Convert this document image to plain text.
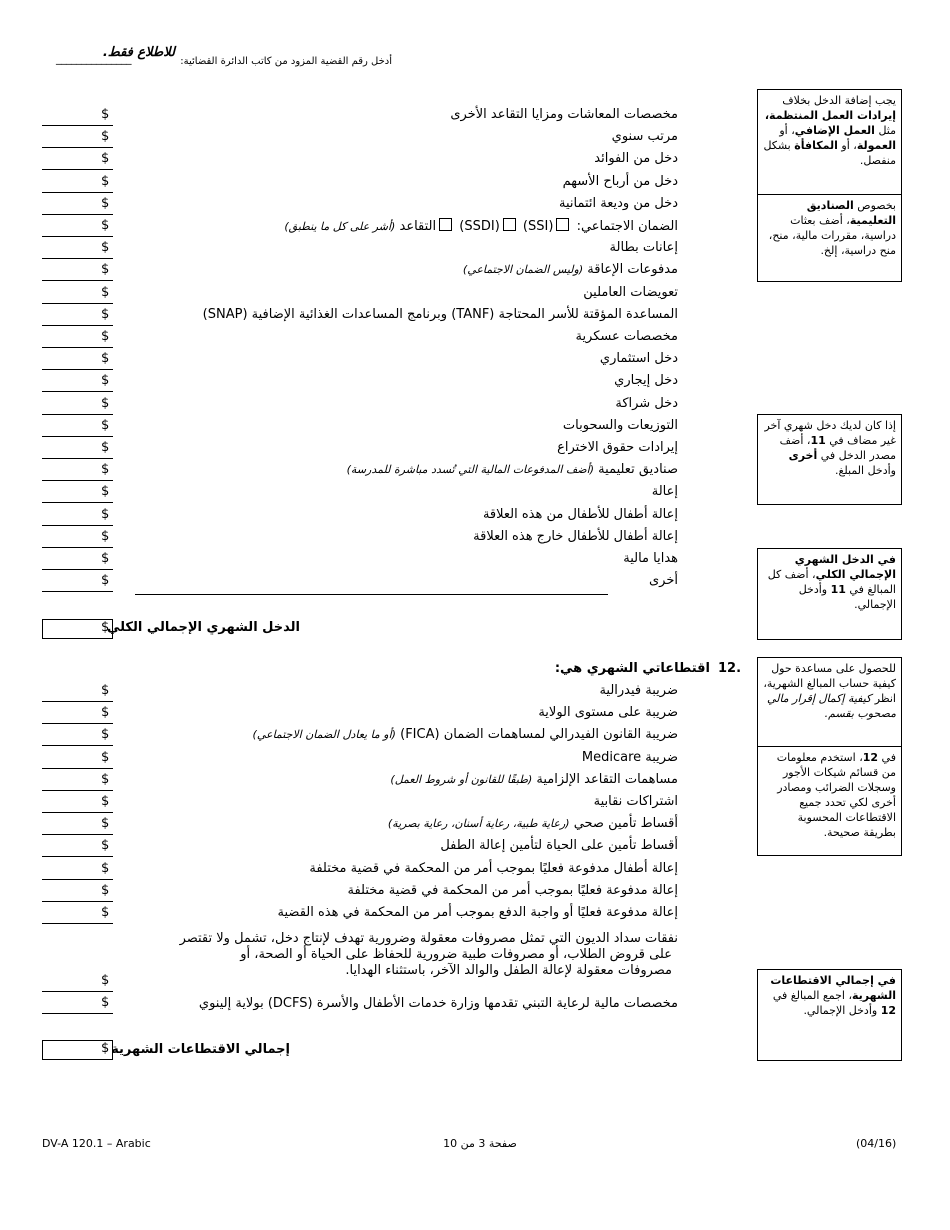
للاطلاع فقط.
أدخل رقم القضية المزود من كاتب الدائرة القضائية:
_______________
مخصصات المعاشات ومزايا التقاعد الأخرى
$
مرتب سنوي
$
دخل من الفوائد
$
دخل من أرباح الأسهم
$
دخل من وديعة ائتمانية
$
الضمان الاجتماعي: (SSI) (SSDI) التقاعد (أشر على كل ما ينطبق)
$
إعانات بطالة
$
مدفوعات الإعاقة (وليس الضمان الاجتماعي)
$
تعويضات العاملين
$
المساعدة المؤقتة للأسر المحتاجة (TANF) وبرنامج المساعدات الغذائية الإضافية (SNAP)
$
مخصصات عسكرية
$
دخل استثماري
$
دخل إيجاري
$
دخل شراكة
$
التوزيعات والسحوبات
$
إيرادات حقوق الاختراع
$
صناديق تعليمية (أضف المدفوعات المالية التي تُسدد مباشرة للمدرسة)
$
إعالة
$
إعالة أطفال للأطفال من هذه العلاقة
$
إعالة أطفال للأطفال خارج هذه العلاقة
$
هدايا مالية
$
أخرى
$
$
الدخل الشهري الإجمالي الكلي
12.
اقتطاعاتي الشهري هي:
ضريبة فيدرالية
$
ضريبة على مستوى الولاية
$
ضريبة القانون الفيدرالي لمساهمات الضمان (FICA) (أو ما يعادل الضمان الاجتماعي)
$
ضريبة Medicare
$
مساهمات التقاعد الإلزامية (طبقًا للقانون أو شروط العمل)
$
اشتراكات نقابية
$
أقساط تأمين صحي (رعاية طبية، رعاية أسنان، رعاية بصرية)
$
أقساط تأمين على الحياة لتأمين إعالة الطفل
$
إعالة أطفال مدفوعة فعليًا بموجب أمر من المحكمة في قضية مختلفة
$
إعالة مدفوعة فعليًا بموجب أمر من المحكمة في قضية مختلفة
$
إعالة مدفوعة فعليًا أو واجبة الدفع بموجب أمر من المحكمة في هذه القضية
$
نفقات سداد الديون التي تمثل مصروفات معقولة وضرورية تهدف لإنتاج دخل، تشمل ولا تقتصر
على قروض الطلاب، أو مصروفات طبية ضرورية للحفاظ على الحياة أو الصحة، أو
مصروفات معقولة لإعالة الطفل والوالد الآخر، باستثناء الهدايا.
$
مخصصات مالية لرعاية التبني تقدمها وزارة خدمات الأطفال والأسرة (DCFS) بولاية إلينوي
$
$ إجمالي الاقتطاعات الشهرية
يجب إضافة الدخل بخلاف إيرادات العمل المنتظمة، مثل العمل الإضافي، أو العمولة، أو المكافأة بشكل منفصل.
بخصوص الصناديق التعليمية، أضف بعثات دراسية، مقررات مالية، منح، منح دراسية، إلخ.
إذا كان لديك دخل شهري آخر غير مضاف في 11، أضف مصدر الدخل في أخرى وأدخل المبلغ.
في الدخل الشهري الإجمالي الكلي، أضف كل المبالغ في 11 وأدخل الإجمالي.
للحصول على مساعدة حول كيفية حساب المبالغ الشهرية، انظر كيفية إكمال إقرار مالي مصحوب بقسم.
في 12، استخدم معلومات من قسائم شيكات الأجور وسجلات الضرائب ومصادر أخرى لكي تحدد جميع الاقتطاعات المحسوبة بطريقة صحيحة.
في إجمالي الاقتطاعات الشهرية، اجمع المبالغ في 12 وأدخل الإجمالي.
DV-A 120.1 – Arabic	صفحة 3 من 10	(04/16)
